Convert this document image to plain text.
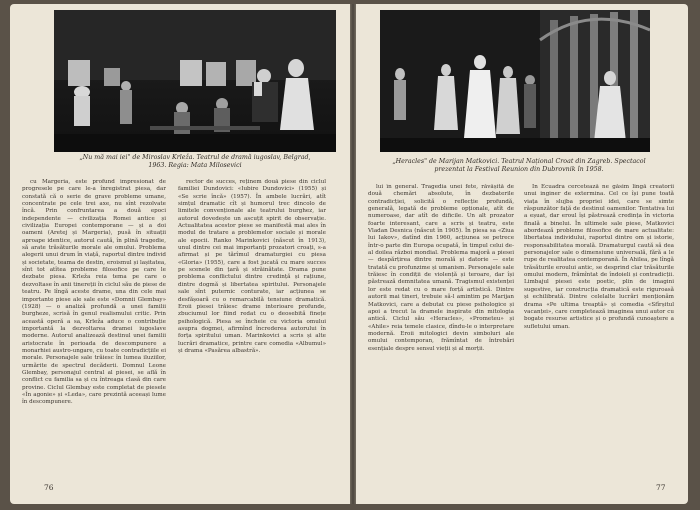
„Nu mă mai iei" de Miroslav Krleža. Teatrul de dramă iugoslav, Belgrad, 1963. Regia: Mata Milosevici

cu Margeria, este profund impresionat de progresele pe care le-a înregistrat piesa, dar constată că o serie de grave probleme umane, concentrate pe cele trei axe, nu sînt rezolvate încă. Prin confruntarea a două epoci independente — civilizația Romei antice și civilizația Europei contemporane — și a doi oameni (Aretej și Margeria), pusă în situații aproape identice, autorul caută, în plină tragedie, să arate trăsăturile morale ale omului. Problema alegerii unui drum în viață, raportul dintre individ și societate, teama de destin, eroismul și lașitatea, sînt tot atîtea probleme filosofice pe care le dezbate piesa. Krleža reia tema pe care o dezvoltase în anii tinereții în ciclul său de piese de teatru. Pe lîngă aceste drame, una din cele mai importante piese ale sale este «Domnii Glembay» (1928) — o analiză profundă a unei familii burgheze, scrisă în genul realismului critic. Prin această operă a sa, Krleža aduce o contribuție importantă la dezvoltarea dramei iugoslave moderne. Autorul analizează destinul unei familii aristocrate în perioada de descompunere a monarhiei austro-ungare, cu toate contradicțiile ei morale. Personajele sale trăiesc în lumea iluziilor, urmărite de spectrul decăderii. Domnul Leone Glembay, personajul central al piesei, se află în conflict cu familia sa și cu întreaga clasă din care provine. Ciclul Glembay este completat de piesele «În agonie» și «Leda», care prezintă aceeași lume în descompunere.

rector de succes, reținem două piese din ciclul familiei Dundovici: «Iubire Dundovici» (1955) și «Se scrie încă» (1957). În ambele lucrări, atît simțul dramatic cît și humorul trec dincolo de limitele convenționale ale teatrului burghez, iar autorul dovedește un ascuțit spirit de observație. Actualitatea acestor piese se manifestă mai ales în modul de tratare a problemelor sociale și morale ale epocii. Ranko Marinkovici (născut în 1913), unul dintre cei mai importanți prozatori croați, s-a afirmat și pe tărîmul dramaturgiei cu piesa «Gloria» (1955), care a fost jucată cu mare succes pe scenele din țară și străinătate. Drama pune problema conflictului dintre credință și rațiune, dintre dogmă și libertatea spiritului. Personajele sale sînt puternic conturate, iar acțiunea se desfășoară cu o remarcabilă tensiune dramatică. Eroii piesei trăiesc drame interioare profunde, zbuciumul lor fiind redat cu o deosebită finețe psihologică. Piesa se încheie cu victoria omului asupra dogmei, afirmînd încrederea autorului în forța spiritului uman. Marinkovici a scris și alte lucrări dramatice, printre care comedia «Albumul» și drama «Pasărea albastră».

76
„Heracles" de Marijan Matkovici. Teatrul Național Croat din Zagreb. Spectacol prezentat la Festival Reunion din Dubrovnik în 1958.

lui în general. Tragedia unei fete, răvășită de două chemări absolute, în dezbaterile contradicției, solicită o reflecție profundă, generală, legată de probleme opționale, atît de numeroase, dar atît de dificile. Un alt prozator foarte interesant, care a scris și teatru, este Vladan Desnica (născut în 1905). În piesa sa «Ziua lui Iakov», datînd din 1960, acțiunea se petrece într-o parte din Europa ocupată, în timpul celui de-al doilea război mondial. Problema majoră a piesei — despărțirea dintre morală și datorie — este tratată cu profunzime și umanism. Personajele sale trăiesc în condiții de violență și teroare, dar își păstrează demnitatea umană. Tragismul existenței lor este redat cu o mare forță artistică. Dintre autorii mai tineri, trebuie să-l amintim pe Marijan Matkovici, care a debutat cu piese psihologice și apoi a trecut la dramele inspirate din mitologia antică. Ciclul său «Heracles», «Prometeu» și «Ahile» reia temele clasice, dîndu-le o interpretare modernă. Eroii mitologici devin simboluri ale omului contemporan, frămîntat de întrebări esențiale despre sensul vieții și al morții.

În Ecuadra cercetează ne găsim lîngă creatorii unui inginer de extermina. Cel ce își pune toată viața în slujba propriei idei, care se simte răspunzător față de destinul oamenilor. Tentativa lui a eșuat, dar eroul își păstrează credința în victoria finală a binelui. În ultimele sale piese, Matkovici abordează probleme filosofice de mare actualitate: libertatea individului, raportul dintre om și istorie, responsabilitatea morală. Dramaturgul caută să dea personajelor sale o dimensiune universală, fără a le rupe de realitatea contemporană. În Ahilea, pe lîngă trăsăturile eroului antic, se desprind clar trăsăturile omului modern, frămîntat de îndoieli și contradicții. Limbajul piesei este poetic, plin de imagini sugestive, iar construcția dramatică este riguroasă și echilibrată. Dintre celelalte lucrări menționăm drama «Pe ultima treaptă» și comedia «Sfîrșitul vacanței», care completează imaginea unui autor cu bogate resurse artistice și o profundă cunoaștere a sufletului uman.

77
